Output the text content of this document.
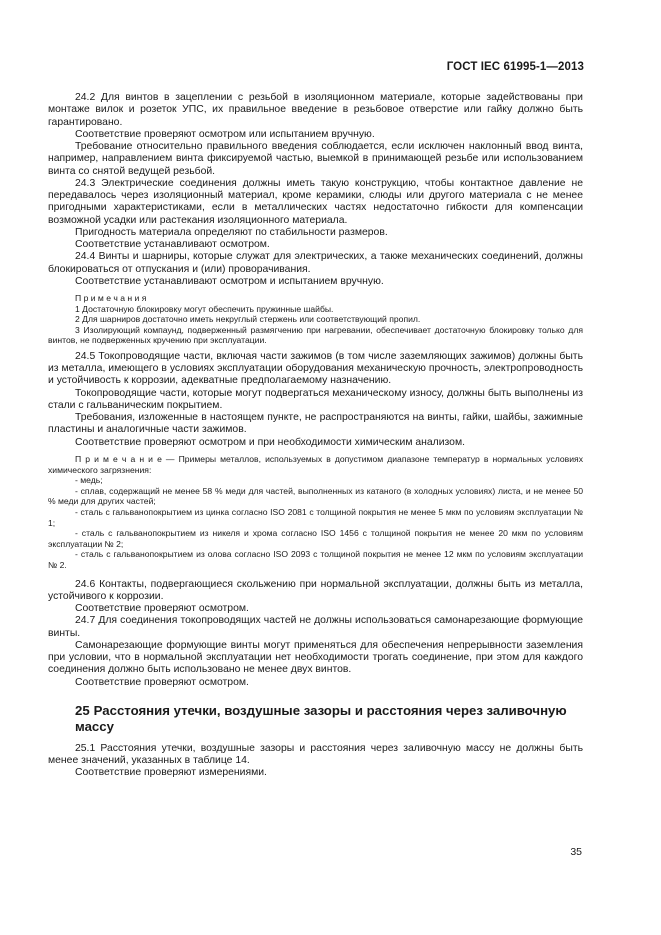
ГОСТ IEC 61995-1—2013

24.2 Для винтов в зацеплении с резьбой в изоляционном материале, которые задействованы при монтаже вилок и розеток УПС, их правильное введение в резьбовое отверстие или гайку должно быть гарантировано.

Соответствие проверяют осмотром или испытанием вручную.

Требование относительно правильного введения соблюдается, если исключен наклонный ввод винта, например, направлением винта фиксируемой частью, выемкой в принимающей резьбе или использованием винта со снятой ведущей резьбой.

24.3 Электрические соединения должны иметь такую конструкцию, чтобы контактное давление не передавалось через изоляционный материал, кроме керамики, слюды или другого материала с не менее пригодными характеристиками, если в металлических частях недостаточно гибкости для компенсации возможной усадки или растекания изоляционного материала.

Пригодность материала определяют по стабильности размеров.

Соответствие устанавливают осмотром.

24.4 Винты и шарниры, которые служат для электрических, а также механических соединений, должны блокироваться от отпускания и (или) проворачивания.

Соответствие устанавливают осмотром и испытанием вручную.

П р и м е ч а н и я

1 Достаточную блокировку могут обеспечить пружинные шайбы.

2 Для шарниров достаточно иметь некруглый стержень или соответствующий пропил.

3 Изолирующий компаунд, подверженный размягчению при нагревании, обеспечивает достаточную блокировку только для винтов, не подверженных кручению при эксплуатации.

24.5 Токопроводящие части, включая части зажимов (в том числе заземляющих зажимов) должны быть из металла, имеющего в условиях эксплуатации оборудования механическую прочность, электропроводность и устойчивость к коррозии, адекватные предполагаемому назначению.

Токопроводящие части, которые могут подвергаться механическому износу, должны быть выполнены из стали с гальваническим покрытием.

Требования, изложенные в настоящем пункте, не распространяются на винты, гайки, шайбы, зажимные пластины и аналогичные части зажимов.

Соответствие проверяют осмотром и при необходимости химическим анализом.

П р и м е ч а н и е — Примеры металлов, используемых в допустимом диапазоне температур в нормальных условиях химического загрязнения:

- медь;

- сплав, содержащий не менее 58 % меди для частей, выполненных из катаного (в холодных условиях) листа, и не менее 50 % меди для других частей;

- сталь с гальванопокрытием из цинка согласно ISO 2081 с толщиной покрытия не менее 5 мкм по условиям эксплуатации № 1;

- сталь с гальванопокрытием из никеля и хрома согласно ISO 1456 с толщиной покрытия не менее 20 мкм по условиям эксплуатации № 2;

- сталь с гальванопокрытием из олова согласно ISO 2093 с толщиной покрытия не менее 12 мкм по условиям эксплуатации № 2.

24.6 Контакты, подвергающиеся скольжению при нормальной эксплуатации, должны быть из металла, устойчивого к коррозии.

Соответствие проверяют осмотром.

24.7 Для соединения токопроводящих частей не должны использоваться самонарезающие формующие винты.

Самонарезающие формующие винты могут применяться для обеспечения непрерывности заземления при условии, что в нормальной эксплуатации нет необходимости трогать соединение, при этом для каждого соединения должно быть использовано не менее двух винтов.

Соответствие проверяют осмотром.

25 Расстояния утечки, воздушные зазоры и расстояния через заливочную
массу

25.1 Расстояния утечки, воздушные зазоры и расстояния через заливочную массу не должны быть менее значений, указанных в таблице 14.

Соответствие проверяют измерениями.

35
